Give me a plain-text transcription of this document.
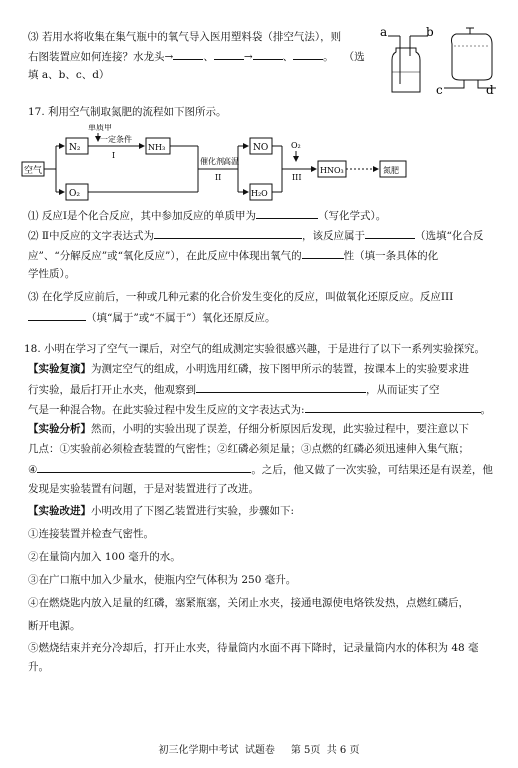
⑶ 若用水将收集在集气瓶中的氧气导入医用塑料袋（排空气法），则
右图装置应如何连接？水龙头→	、	→	、	。 （选
填 a、b、c、d）
a	b
c	d
17. 利用空气制取氮肥的流程如下图所示。
空气
N₂
O₂
单质甲
一定条件
I
NH₃
催化剂 高温
II
NO
H₂O
O₂
III
HNO₃	氮肥
⑴ 反应Ⅰ是个化合反应，其中参加反应的单质甲为	（写化学式）。
⑵ Ⅱ中反应的文字表达式为	，该反应属于	（选填“化合反
应”、“分解反应”或“氧化反应”），在此反应中体现出氧气的	性（填一条具体的化
学性质）。
⑶ 在化学反应前后，一种或几种元素的化合价发生变化的反应，叫做氧化还原反应。反应III
（填“属于”或“不属于”）氧化还原反应。
18. 小明在学习了空气一课后，对空气的组成测定实验很感兴趣，于是进行了以下一系列实验探究。
【实验复演】为测定空气的组成，小明选用红磷，按下图甲所示的装置，按课本上的实验要求进
行实验，最后打开止水夹，他观察到	，从而证实了空
气是一种混合物。在此实验过程中发生反应的文字表达式为:	。
【实验分析】然而，小明的实验出现了误差，仔细分析原因后发现，此实验过程中，要注意以下
几点：①实验前必须检查装置的气密性；②红磷必须足量；③点燃的红磷必须迅速伸入集气瓶；
④	。之后，他又做了一次实验，可结果还是有误差，他
发现是实验装置有问题，于是对装置进行了改进。
【实验改进】小明改用了下图乙装置进行实验，步骤如下:
①连接装置并检查气密性。
②在量筒内加入 100 毫升的水。
③在广口瓶中加入少量水，使瓶内空气体积为 250 毫升。
④在燃烧匙内放入足量的红磷，塞紧瓶塞，关闭止水夹，接通电源使电烙铁发热，点燃红磷后，
断开电源。
⑤燃烧结束并充分冷却后，打开止水夹，待量筒内水面不再下降时，记录量筒内水的体积为 48 毫
升。
初三化学期中考试 试题卷 第 5页 共 6 页
